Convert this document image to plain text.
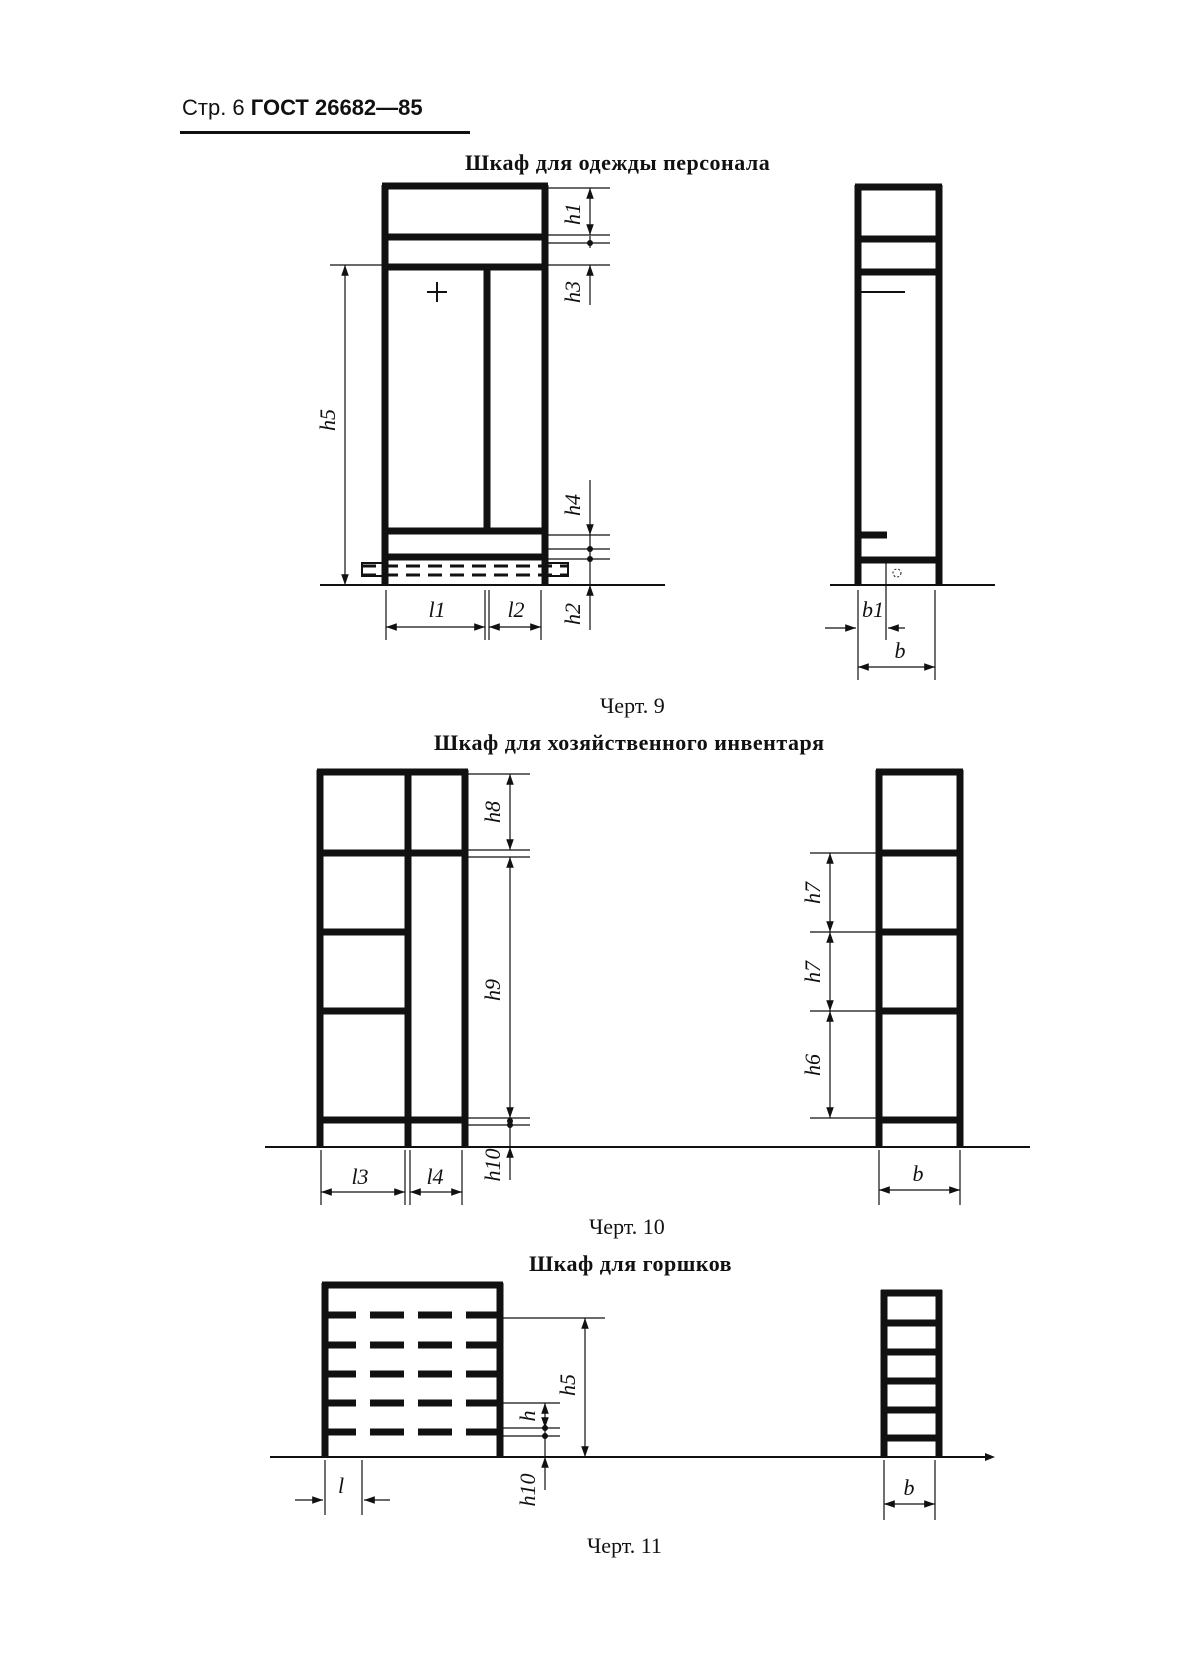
Стр. 6 ГОСТ 26682—85
Шкаф для одежды персонала
Черт. 9
Шкаф для хозяйственного инвентаря
Черт. 10
Шкаф для горшков
Черт. 11
h1
h3
h5
h4
h2
l1	l2	b1
b
h8
h9
h10
l3	l4
h7
h7
h6
b
h5
h
h10
l	b
